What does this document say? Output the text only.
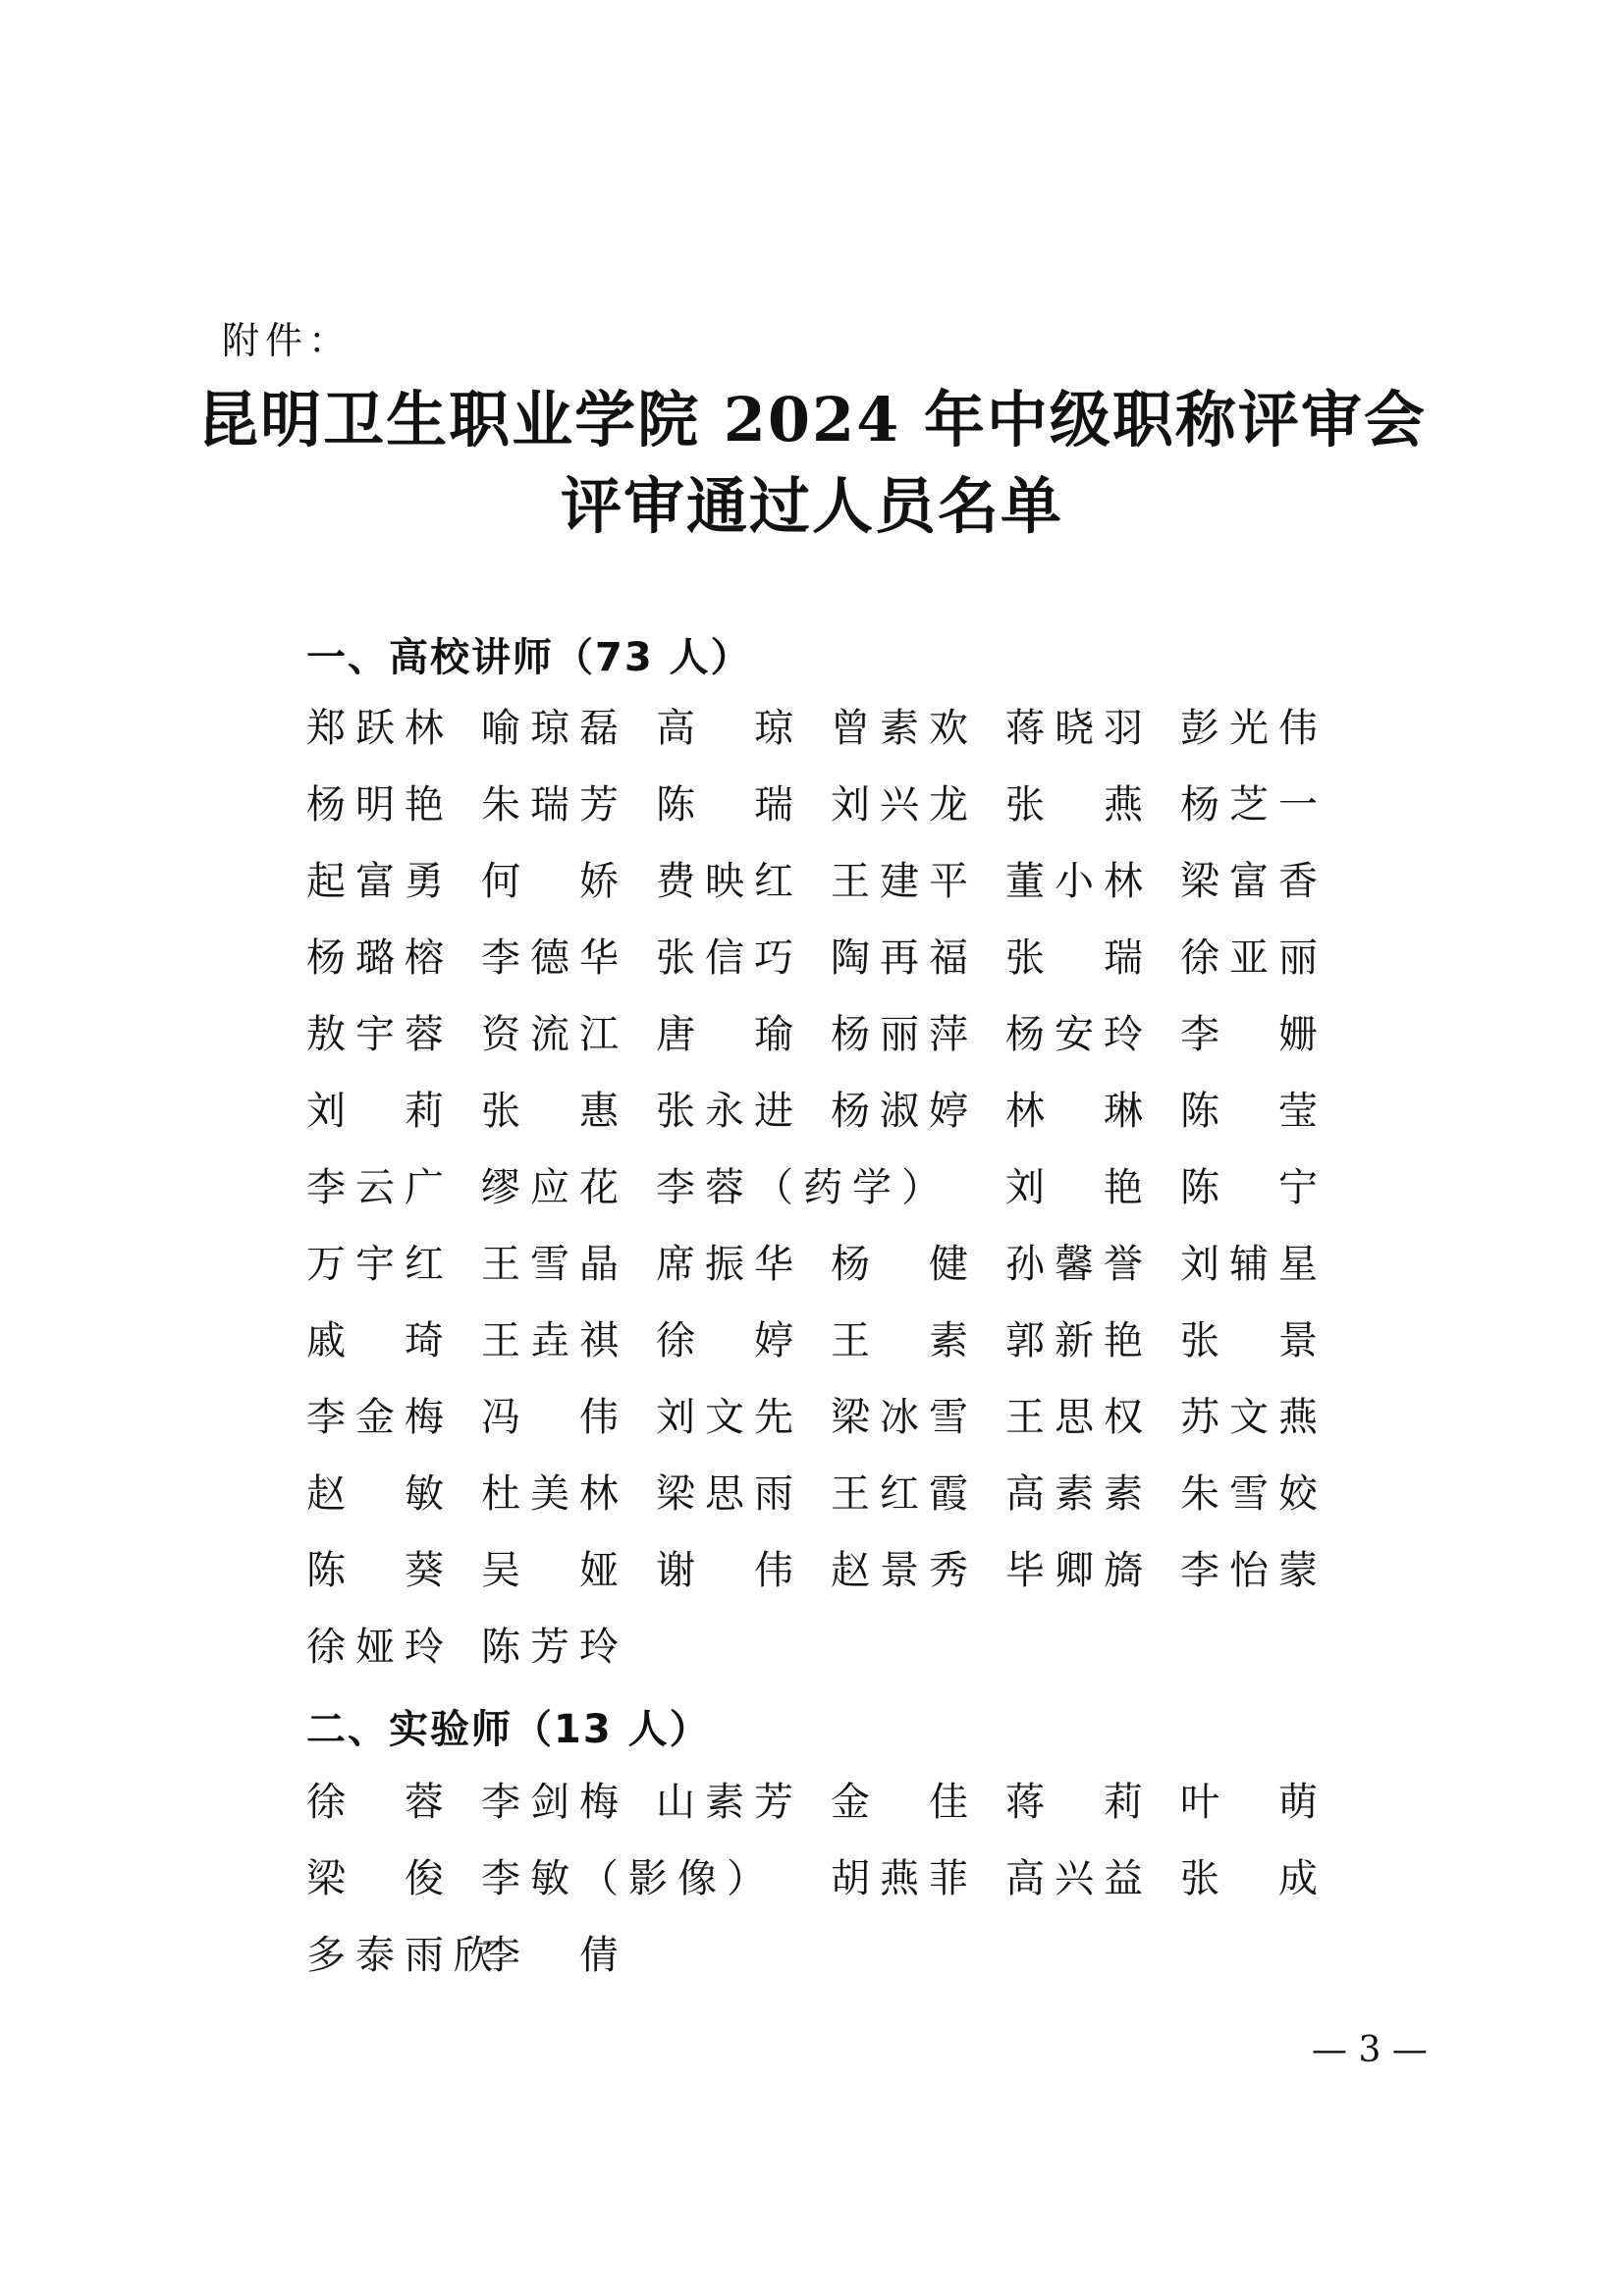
附件：
昆明卫生职业学院 2024 年中级职称评审会
评审通过人员名单
一、高校讲师（73 人）
郑跃林 喻琼磊 高　琼 曾素欢 蒋晓羽 彭光伟
杨明艳 朱瑞芳 陈　瑞 刘兴龙 张　燕 杨芝一
起富勇 何　娇 费映红 王建平 董小林 梁富香
杨璐榕 李德华 张信巧 陶再福 张　瑞 徐亚丽
敖宇蓉 资流江 唐　瑜 杨丽萍 杨安玲 李　姗
刘　莉 张　惠 张永进 杨淑婷 林　琳 陈　莹
李云广 缪应花 李蓉（药学） 刘　艳 陈　宁
万宇红 王雪晶 席振华 杨　健 孙馨誉 刘辅星
戚　琦 王垚祺 徐　婷 王　素 郭新艳 张　景
李金梅 冯　伟 刘文先 梁冰雪 王思权 苏文燕
赵　敏 杜美林 梁思雨 王红霞 高素素 朱雪姣
陈　葵 吴　娅 谢　伟 赵景秀 毕卿旖 李怡蒙
徐娅玲 陈芳玲
二、实验师（13 人）
徐　蓉 李剑梅 山素芳 金　佳 蒋　莉 叶　萌
梁　俊 李敏（影像） 胡燕菲 高兴益 张　成
多泰雨欣
李　倩
— 3 —
